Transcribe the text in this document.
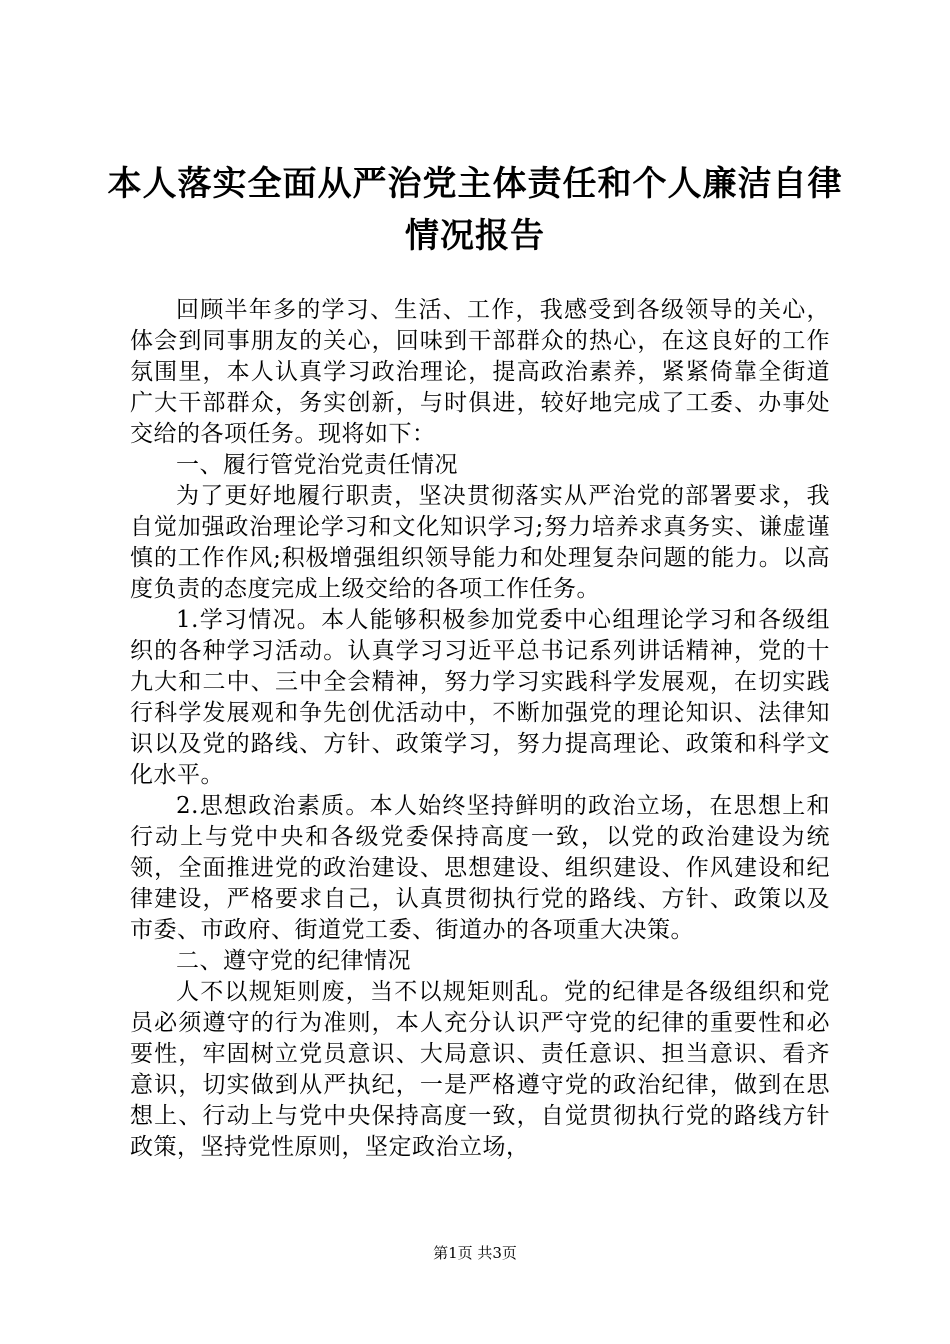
本人落实全面从严治党主体责任和个人廉洁自律情况报告

回顾半年多的学习、生活、工作，我感受到各级领导的关心，体会到同事朋友的关心，回味到干部群众的热心，在这良好的工作氛围里，本人认真学习政治理论，提高政治素养，紧紧倚靠全街道广大干部群众，务实创新，与时俱进，较好地完成了工委、办事处交给的各项任务。现将如下：

一、履行管党治党责任情况

为了更好地履行职责，坚决贯彻落实从严治党的部署要求，我自觉加强政治理论学习和文化知识学习;努力培养求真务实、谦虚谨慎的工作作风;积极增强组织领导能力和处理复杂问题的能力。以高度负责的态度完成上级交给的各项工作任务。

1.学习情况。本人能够积极参加党委中心组理论学习和各级组织的各种学习活动。认真学习习近平总书记系列讲话精神，党的十九大和二中、三中全会精神，努力学习实践科学发展观，在切实践行科学发展观和争先创优活动中，不断加强党的理论知识、法律知识以及党的路线、方针、政策学习，努力提高理论、政策和科学文化水平。

2.思想政治素质。本人始终坚持鲜明的政治立场，在思想上和行动上与党中央和各级党委保持高度一致，以党的政治建设为统领，全面推进党的政治建设、思想建设、组织建设、作风建设和纪律建设，严格要求自己，认真贯彻执行党的路线、方针、政策以及市委、市政府、街道党工委、街道办的各项重大决策。

二、遵守党的纪律情况

人不以规矩则废，当不以规矩则乱。党的纪律是各级组织和党员必须遵守的行为准则，本人充分认识严守党的纪律的重要性和必要性，牢固树立党员意识、大局意识、责任意识、担当意识、看齐意识，切实做到从严执纪，一是严格遵守党的政治纪律，做到在思想上、行动上与党中央保持高度一致，自觉贯彻执行党的路线方针政策，坚持党性原则，坚定政治立场，

第1页 共3页
